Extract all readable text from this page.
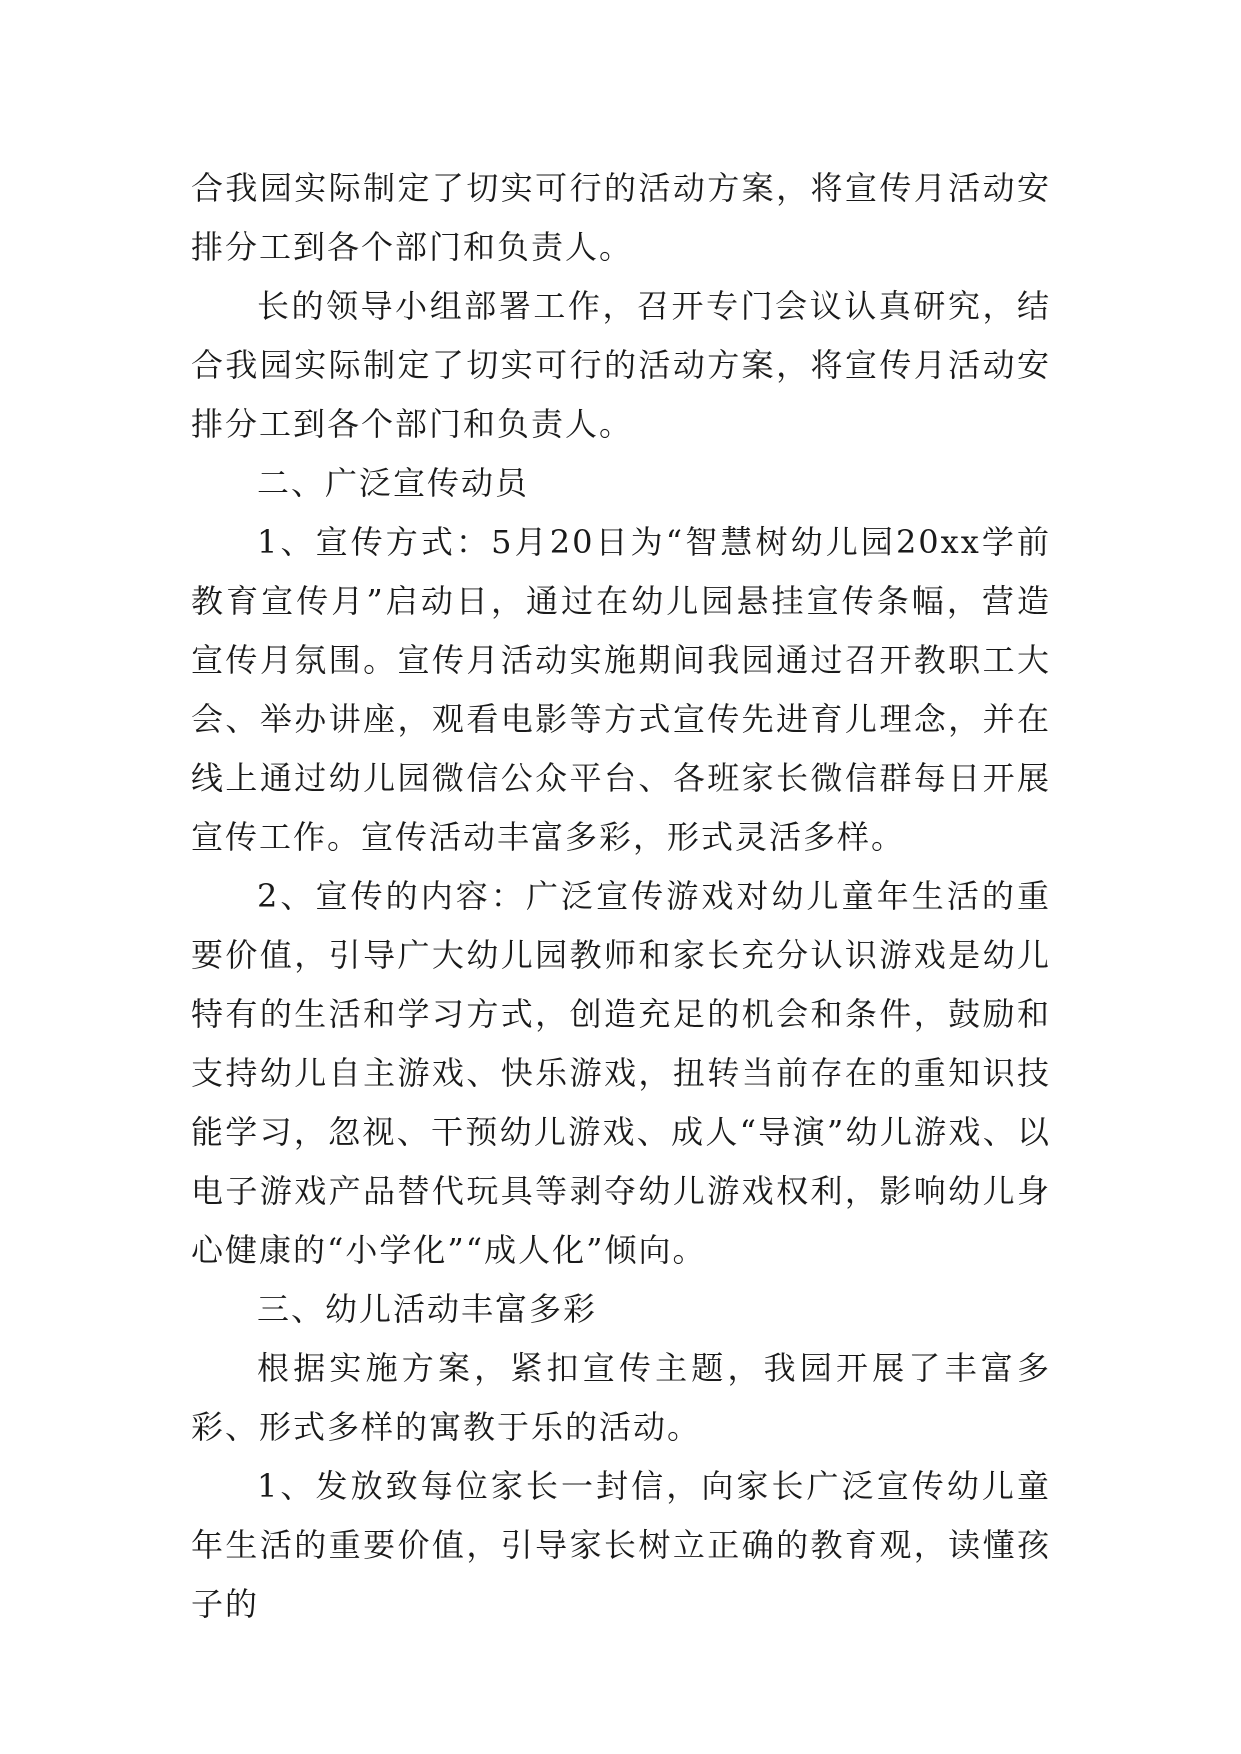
合我园实际制定了切实可行的活动方案，将宣传月活动安排分工到各个部门和负责人。

长的领导小组部署工作，召开专门会议认真研究，结合我园实际制定了切实可行的活动方案，将宣传月活动安排分工到各个部门和负责人。

二、广泛宣传动员

1、宣传方式：5月20日为“智慧树幼儿园20xx学前教育宣传月”启动日，通过在幼儿园悬挂宣传条幅，营造宣传月氛围。宣传月活动实施期间我园通过召开教职工大会、举办讲座，观看电影等方式宣传先进育儿理念，并在线上通过幼儿园微信公众平台、各班家长微信群每日开展宣传工作。宣传活动丰富多彩，形式灵活多样。

2、宣传的内容：广泛宣传游戏对幼儿童年生活的重要价值，引导广大幼儿园教师和家长充分认识游戏是幼儿特有的生活和学习方式，创造充足的机会和条件，鼓励和支持幼儿自主游戏、快乐游戏，扭转当前存在的重知识技能学习，忽视、干预幼儿游戏、成人“导演”幼儿游戏、以电子游戏产品替代玩具等剥夺幼儿游戏权利，影响幼儿身心健康的“小学化”“成人化”倾向。

三、幼儿活动丰富多彩

根据实施方案，紧扣宣传主题，我园开展了丰富多彩、形式多样的寓教于乐的活动。

1、发放致每位家长一封信，向家长广泛宣传幼儿童年生活的重要价值，引导家长树立正确的教育观，读懂孩子的
